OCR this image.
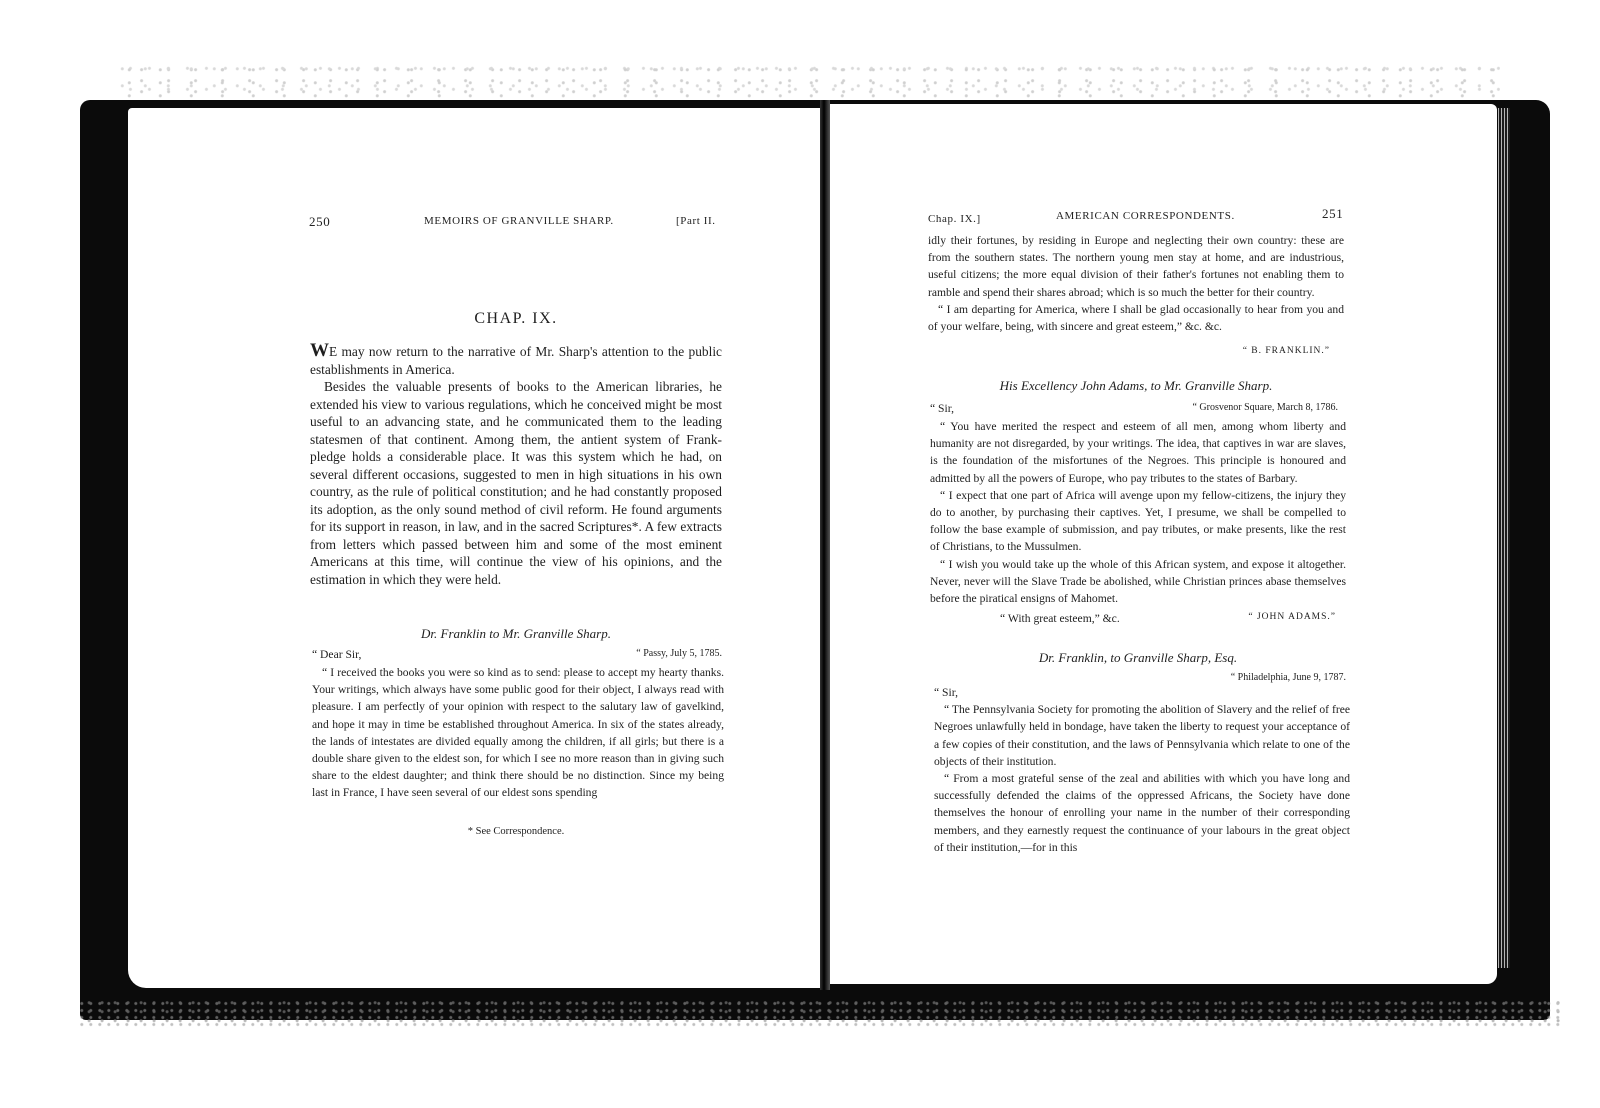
250	MEMOIRS OF GRANVILLE SHARP.	[Part II.
CHAP. IX.

WE may now return to the narrative of Mr. Sharp's attention to the public establishments in America.

Besides the valuable presents of books to the American libraries, he extended his view to various regulations, which he conceived might be most useful to an advancing state, and he communicated them to the leading statesmen of that continent. Among them, the antient system of Frank-pledge holds a considerable place. It was this system which he had, on several different occasions, suggested to men in high situations in his own country, as the rule of political constitution; and he had constantly proposed its adoption, as the only sound method of civil reform. He found arguments for its support in reason, in law, and in the sacred Scriptures*. A few extracts from letters which passed between him and some of the most eminent Americans at this time, will continue the view of his opinions, and the estimation in which they were held.

Dr. Franklin to Mr. Granville Sharp.
“ Dear Sir,	“ Passy, July 5, 1785.

“ I received the books you were so kind as to send: please to accept my hearty thanks. Your writings, which always have some public good for their object, I always read with pleasure. I am perfectly of your opinion with respect to the salutary law of gavelkind, and hope it may in time be established throughout America. In six of the states already, the lands of intestates are divided equally among the children, if all girls; but there is a double share given to the eldest son, for which I see no more reason than in giving such share to the eldest daughter; and think there should be no distinction. Since my being last in France, I have seen several of our eldest sons spending

* See Correspondence.
Chap. IX.]	AMERICAN CORRESPONDENTS.	251

idly their fortunes, by residing in Europe and neglecting their own country: these are from the southern states. The northern young men stay at home, and are industrious, useful citizens; the more equal division of their father's fortunes not enabling them to ramble and spend their shares abroad; which is so much the better for their country.

“ I am departing for America, where I shall be glad occasionally to hear from you and of your welfare, being, with sincere and great esteem,” &c. &c.

“ B. FRANKLIN.”
His Excellency John Adams, to Mr. Granville Sharp.
“ Sir,	“ Grosvenor Square, March 8, 1786.

“ You have merited the respect and esteem of all men, among whom liberty and humanity are not disregarded, by your writings. The idea, that captives in war are slaves, is the foundation of the misfortunes of the Negroes. This principle is honoured and admitted by all the powers of Europe, who pay tributes to the states of Barbary.

“ I expect that one part of Africa will avenge upon my fellow-citizens, the injury they do to another, by purchasing their captives. Yet, I presume, we shall be compelled to follow the base example of submission, and pay tributes, or make presents, like the rest of Christians, to the Mussulmen.

“ I wish you would take up the whole of this African system, and expose it altogether. Never, never will the Slave Trade be abolished, while Christian princes abase themselves before the piratical ensigns of Mahomet.

“ With great esteem,” &c.	“ JOHN ADAMS.”
Dr. Franklin, to Granville Sharp, Esq.
“ Philadelphia, June 9, 1787.

“ Sir,

“ The Pennsylvania Society for promoting the abolition of Slavery and the relief of free Negroes unlawfully held in bondage, have taken the liberty to request your acceptance of a few copies of their constitution, and the laws of Pennsylvania which relate to one of the objects of their institution.

“ From a most grateful sense of the zeal and abilities with which you have long and successfully defended the claims of the oppressed Africans, the Society have done themselves the honour of enrolling your name in the number of their corresponding members, and they earnestly request the continuance of your labours in the great object of their institution,—for in this
